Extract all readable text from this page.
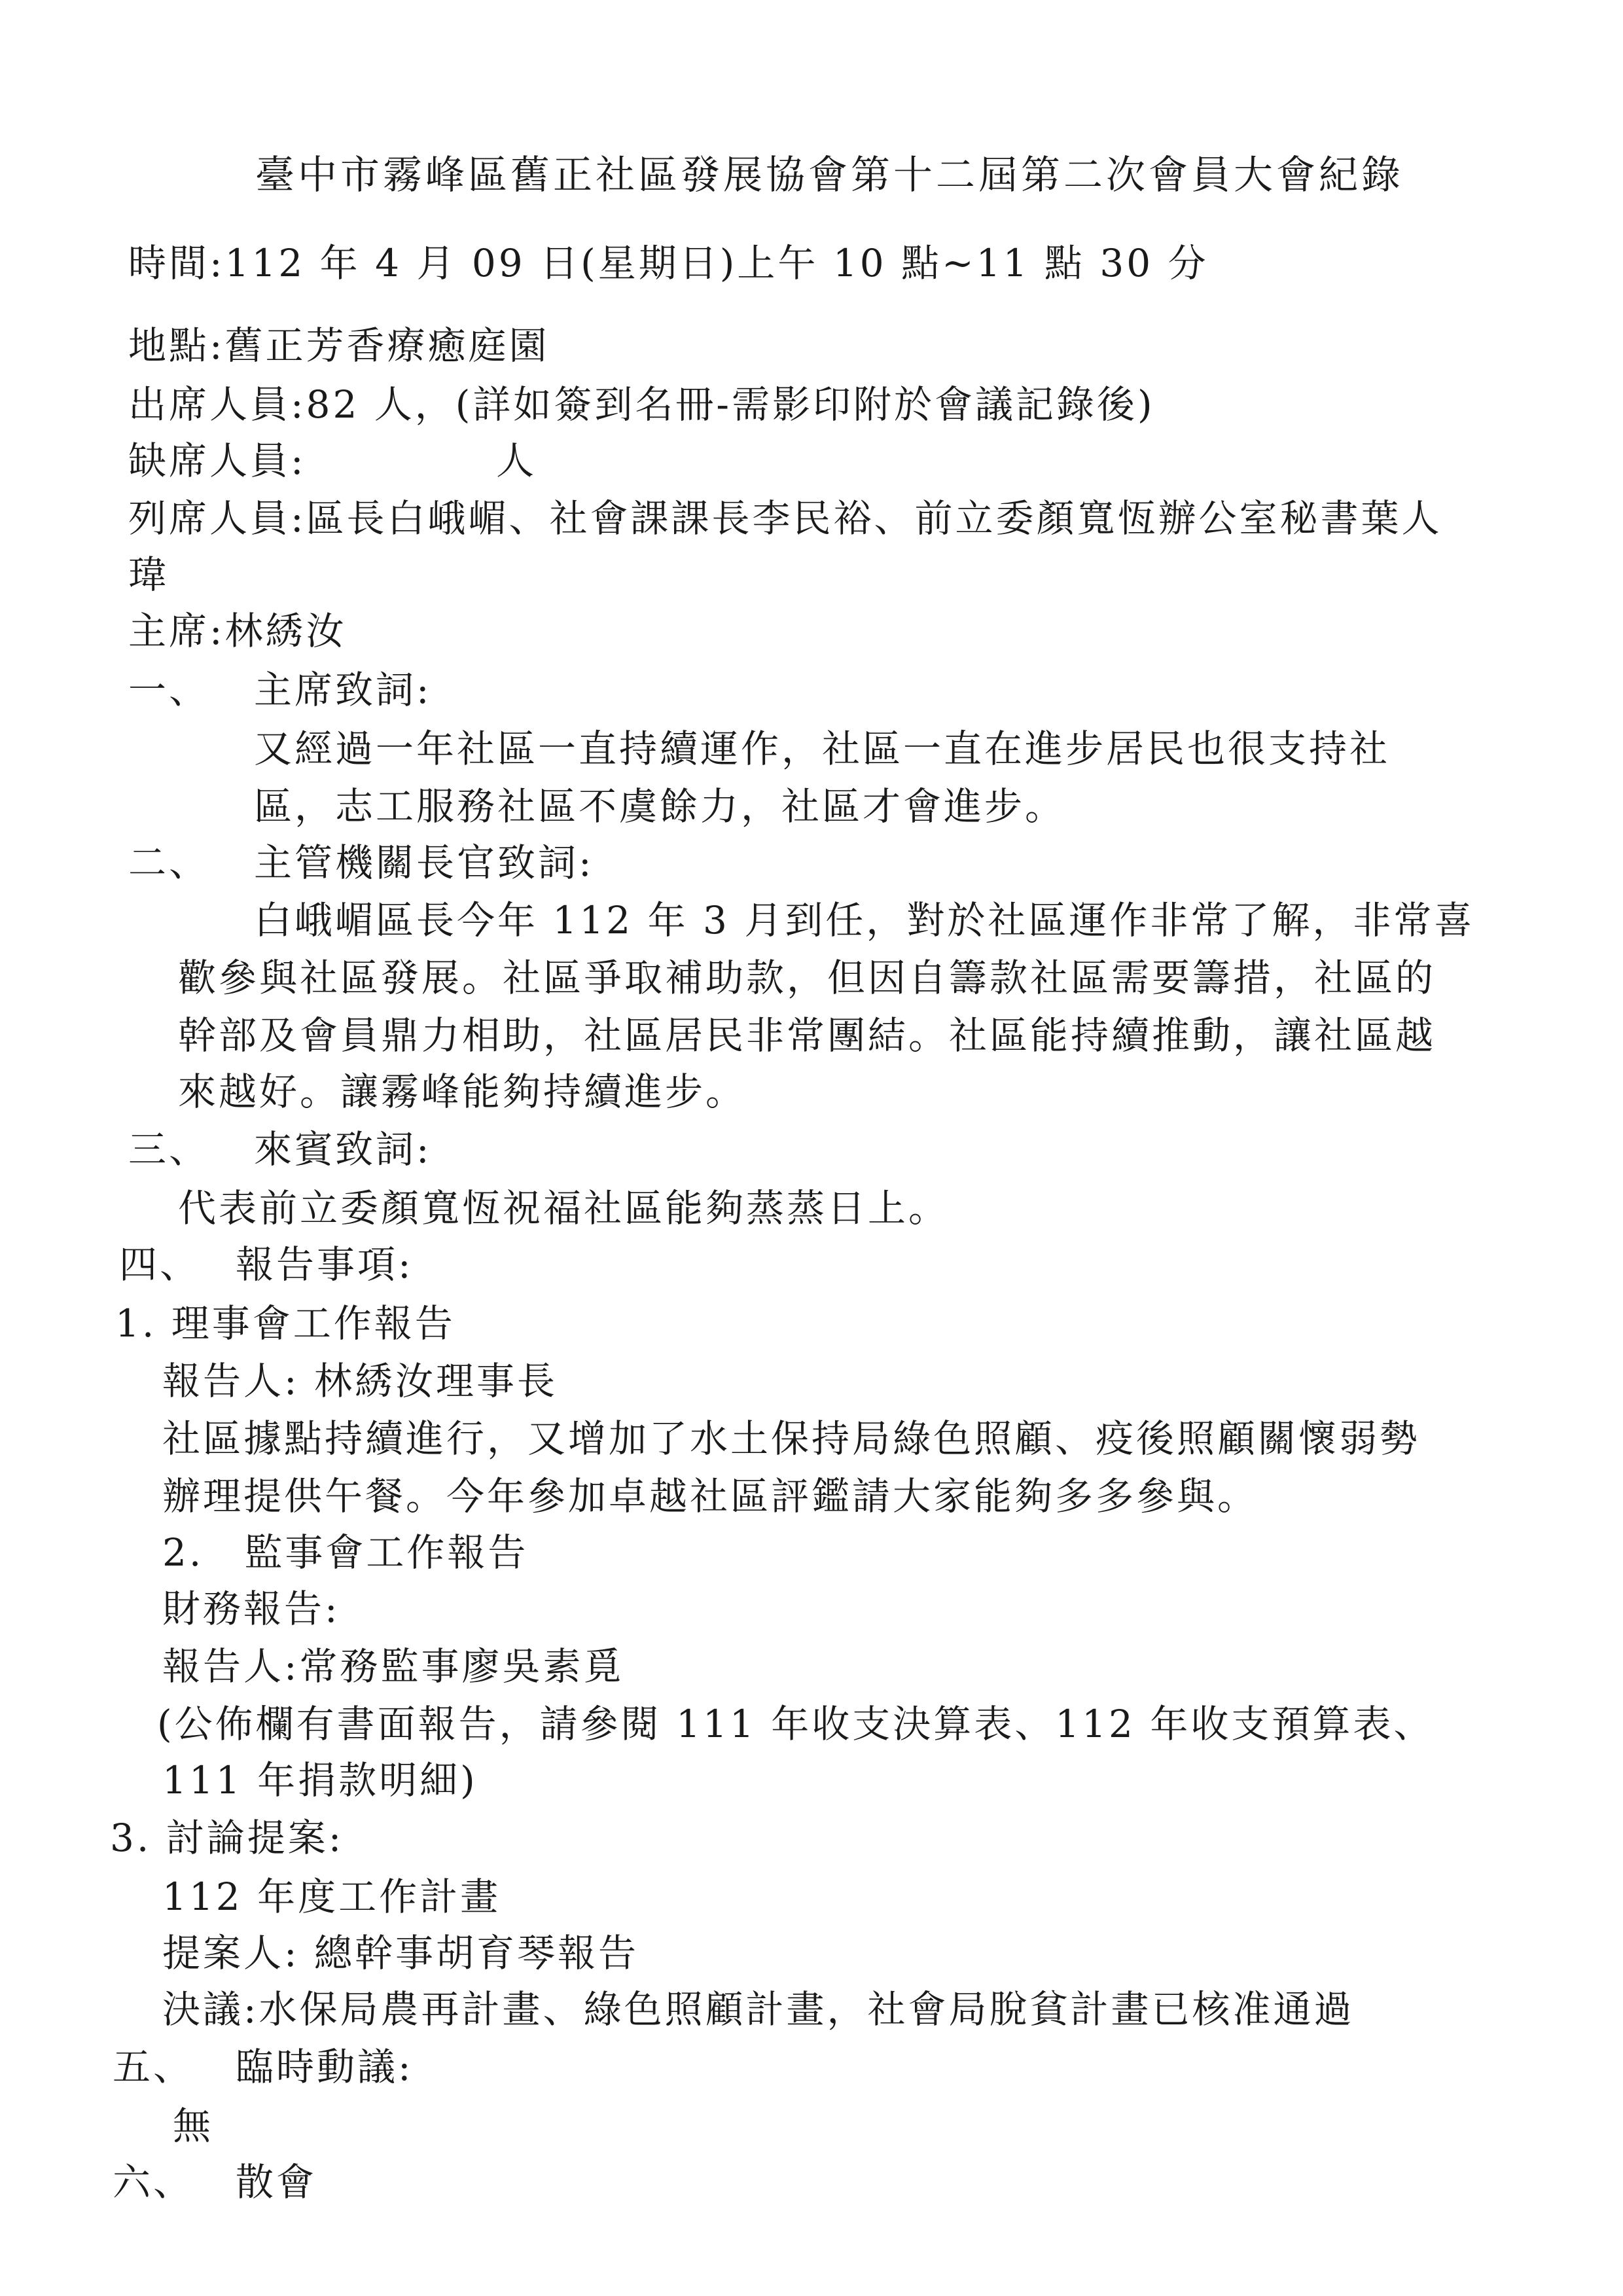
臺中市霧峰區舊正社區發展協會第十二屆第二次會員大會紀錄
時間:112 年 4 月 09 日(星期日)上午 10 點~11 點 30 分
地點:舊正芳香療癒庭園
出席人員:82 人，(詳如簽到名冊-需影印附於會議記錄後)
缺席人員:	人
列席人員:區長白峨嵋、社會課課長李民裕、前立委顏寬恆辦公室秘書葉人
瑋
主席:林綉汝
一、 主席致詞:
又經過一年社區一直持續運作，社區一直在進步居民也很支持社
區，志工服務社區不虞餘力，社區才會進步。
二、 主管機關長官致詞:
白峨嵋區長今年 112 年 3 月到任，對於社區運作非常了解，非常喜
歡參與社區發展。社區爭取補助款，但因自籌款社區需要籌措，社區的
幹部及會員鼎力相助，社區居民非常團結。社區能持續推動，讓社區越
來越好。讓霧峰能夠持續進步。
三、 來賓致詞:
代表前立委顏寬恆祝福社區能夠蒸蒸日上。
四、 報告事項:
1. 理事會工作報告
報告人: 林綉汝理事長
社區據點持續進行，又增加了水土保持局綠色照顧、疫後照顧關懷弱勢
辦理提供午餐。今年參加卓越社區評鑑請大家能夠多多參與。
2.　監事會工作報告
財務報告:
報告人:常務監事廖吳素覓
(公佈欄有書面報告，請參閱 111 年收支決算表、112 年收支預算表、
111 年捐款明細)
3. 討論提案:
112 年度工作計畫
提案人: 總幹事胡育琴報告
決議:水保局農再計畫、綠色照顧計畫，社會局脫貧計畫已核准通過
五、 臨時動議:
無
六、 散會
